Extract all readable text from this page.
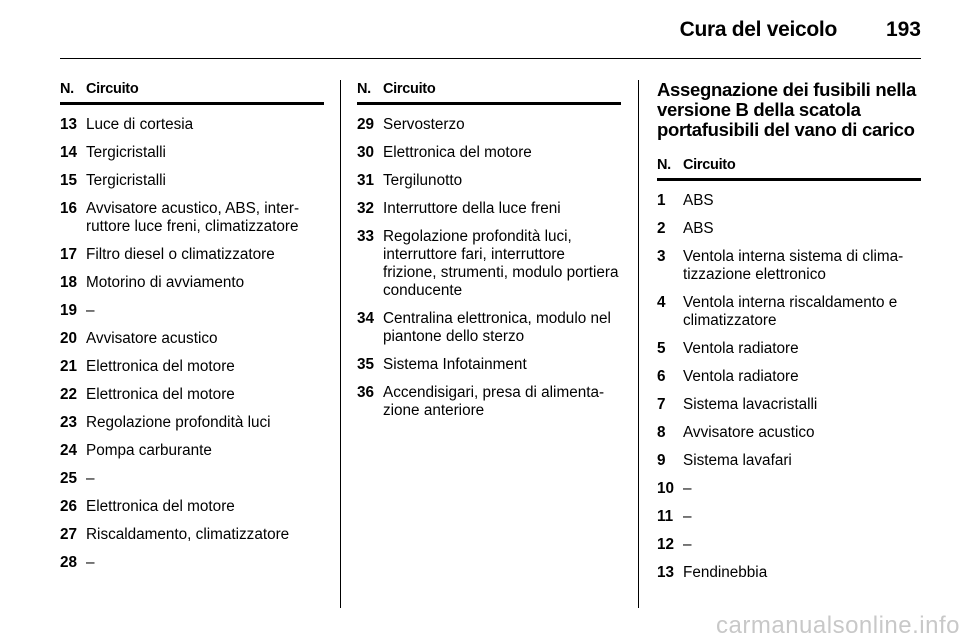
Cura del veicolo 193
N. Circuito
13 Luce di cortesia
14 Tergicristalli
15 Tergicristalli
16 Avvisatore acustico, ABS, inter-ruttore luce freni, climatizzatore
17 Filtro diesel o climatizzatore
18 Motorino di avviamento
19 –
20 Avvisatore acustico
21 Elettronica del motore
22 Elettronica del motore
23 Regolazione profondità luci
24 Pompa carburante
25 –
26 Elettronica del motore
27 Riscaldamento, climatizzatore
28 –
N. Circuito
29 Servosterzo
30 Elettronica del motore
31 Tergilunotto
32 Interruttore della luce freni
33 Regolazione profondità luci, interruttore fari, interruttore frizione, strumenti, modulo portiera conducente
34 Centralina elettronica, modulo nel piantone dello sterzo
35 Sistema Infotainment
36 Accendisigari, presa di alimenta-zione anteriore
Assegnazione dei fusibili nella versione B della scatola portafusibili del vano di carico
N. Circuito
1	ABS
2	ABS
3	Ventola interna sistema di clima-tizzazione elettronico
4	Ventola interna riscaldamento e climatizzatore
5	Ventola radiatore
6	Ventola radiatore
7	Sistema lavacristalli
8	Avvisatore acustico
9	Sistema lavafari
10 –
11 –
12 –
13 Fendinebbia
carmanualsonline.info
